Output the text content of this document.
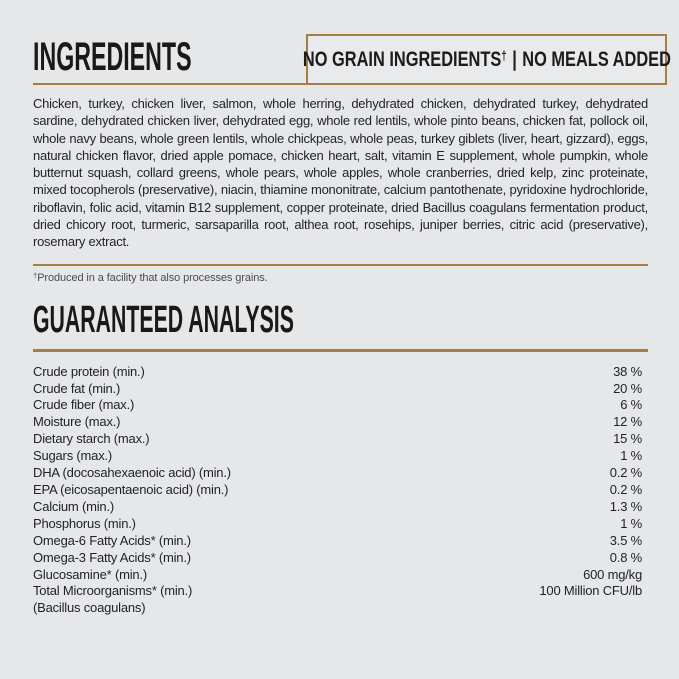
INGREDIENTS	NO GRAIN INGREDIENTS† | NO MEALS ADDED

Chicken, turkey, chicken liver, salmon, whole herring, dehydrated chicken, dehydrated turkey, dehydrated sardine, dehydrated chicken liver, dehydrated egg, whole red lentils, whole pinto beans, chicken fat, pollock oil, whole navy beans, whole green lentils, whole chickpeas, whole peas, turkey giblets (liver, heart, gizzard), eggs, natural chicken flavor, dried apple pomace, chicken heart, salt, vitamin E supplement, whole pumpkin, whole butternut squash, collard greens, whole pears, whole apples, whole cranberries, dried kelp, zinc proteinate, mixed tocopherols (preservative), niacin, thiamine mononitrate, calcium pantothenate, pyridoxine hydrochloride, riboflavin, folic acid, vitamin B12 supplement, copper proteinate, dried Bacillus coagulans fermentation product, dried chicory root, turmeric, sarsaparilla root, althea root, rosehips, juniper berries, citric acid (preservative), rosemary extract.

†Produced in a facility that also processes grains.
GUARANTEED ANALYSIS
Crude protein (min.)	38 %
Crude fat (min.)	20 %
Crude fiber (max.)	6 %
Moisture (max.)	12 %
Dietary starch (max.)	15 %
Sugars (max.)	1 %
DHA (docosahexaenoic acid) (min.)	0.2 %
EPA (eicosapentaenoic acid) (min.)	0.2 %
Calcium (min.)	1.3 %
Phosphorus (min.)	1 %
Omega-6 Fatty Acids* (min.)	3.5 %
Omega-3 Fatty Acids* (min.)	0.8 %
Glucosamine* (min.)	600 mg/kg
Total Microorganisms* (min.)	100 Million CFU/lb
(Bacillus coagulans)
